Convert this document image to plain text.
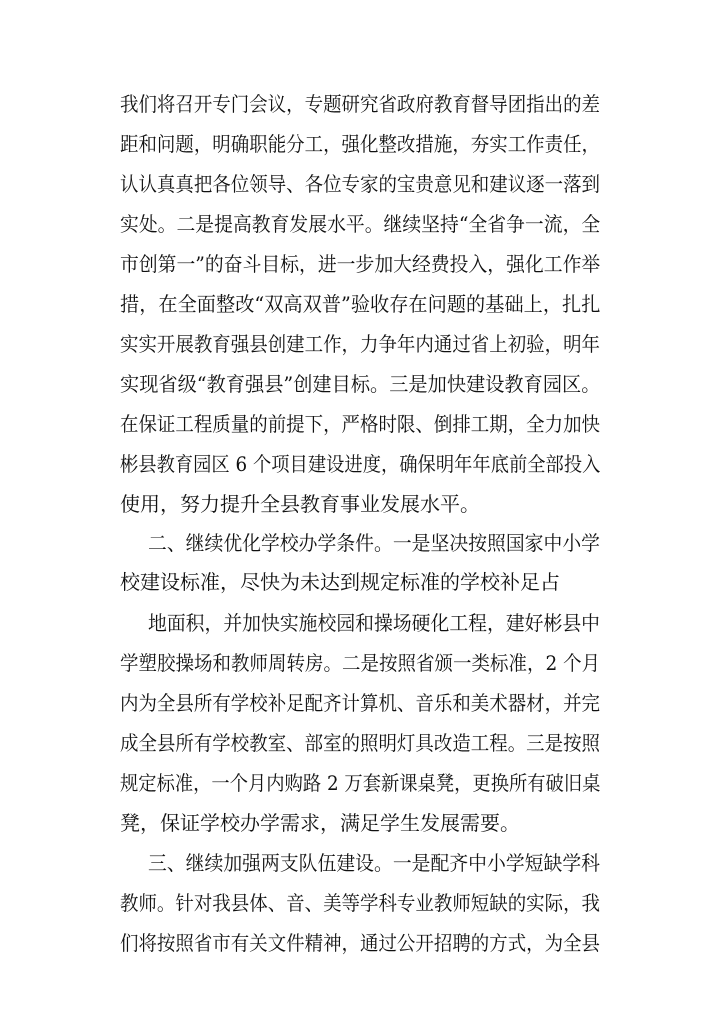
我们将召开专门会议，专题研究省政府教育督导团指出的差
距和问题，明确职能分工，强化整改措施，夯实工作责任，
认认真真把各位领导、各位专家的宝贵意见和建议逐一落到
实处。二是提高教育发展水平。继续坚持“全省争一流，全
市创第一”的奋斗目标，进一步加大经费投入，强化工作举
措，在全面整改“双高双普”验收存在问题的基础上，扎扎
实实开展教育强县创建工作，力争年内通过省上初验，明年
实现省级“教育强县”创建目标。三是加快建设教育园区。
在保证工程质量的前提下，严格时限、倒排工期，全力加快
彬县教育园区 6 个项目建设进度，确保明年年底前全部投入
使用，努力提升全县教育事业发展水平。
二、继续优化学校办学条件。一是坚决按照国家中小学
校建设标准，尽快为未达到规定标准的学校补足占
地面积，并加快实施校园和操场硬化工程，建好彬县中
学塑胶操场和教师周转房。二是按照省颁一类标准，2 个月
内为全县所有学校补足配齐计算机、音乐和美术器材，并完
成全县所有学校教室、部室的照明灯具改造工程。三是按照
规定标准，一个月内购路 2 万套新课桌凳，更换所有破旧桌
凳，保证学校办学需求，满足学生发展需要。
三、继续加强两支队伍建设。一是配齐中小学短缺学科
教师。针对我县体、音、美等学科专业教师短缺的实际，我
们将按照省市有关文件精神，通过公开招聘的方式，为全县
